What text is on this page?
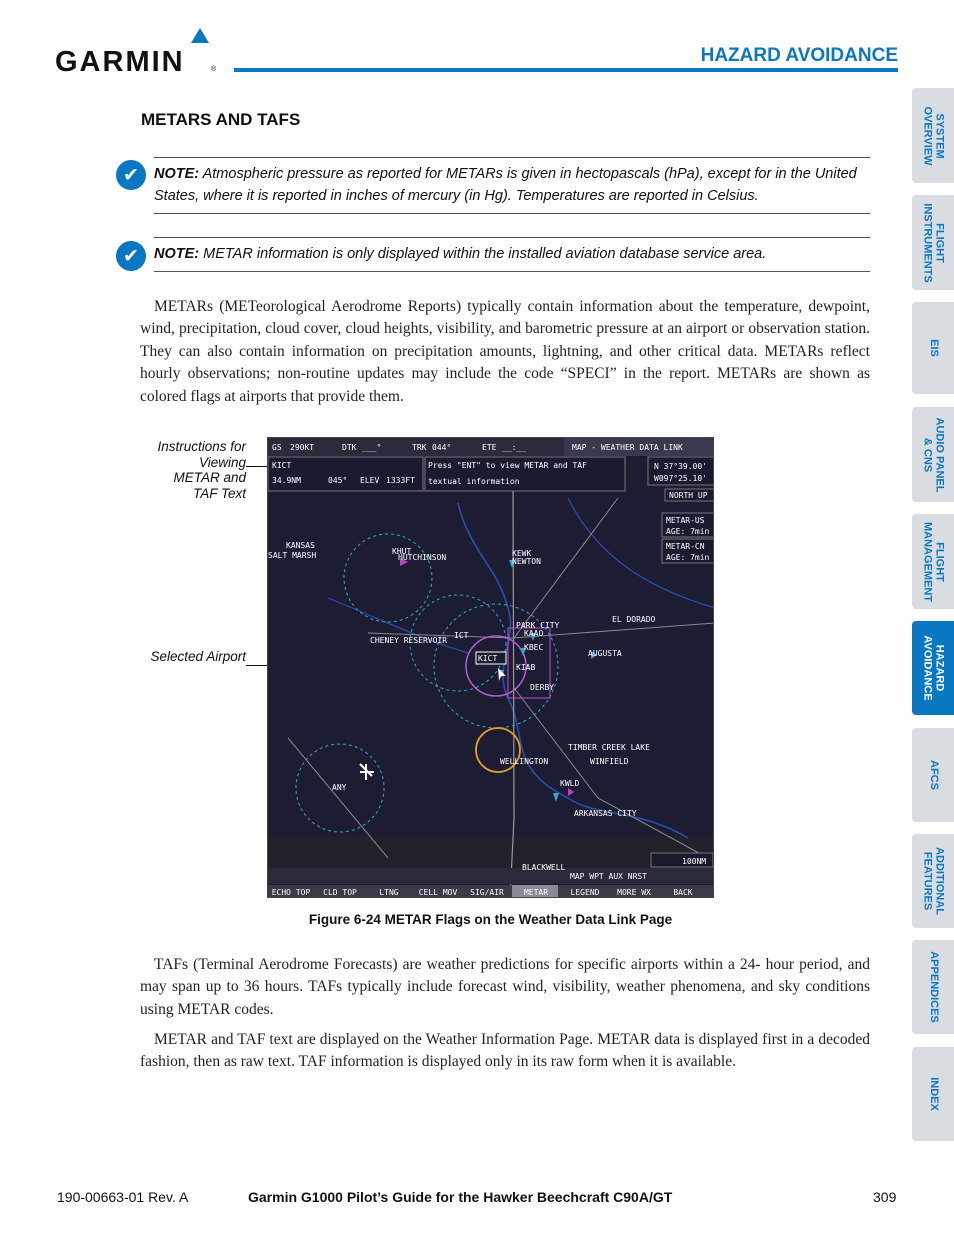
GARMIN	®
HAZARD AVOIDANCE
METARS AND TAFS
✔	NOTE: Atmospheric pressure as reported for METARs is given in hectopascals (hPa), except for in the United States, where it is reported in inches of mercury (in Hg). Temperatures are reported in Celsius.
✔	NOTE: METAR information is only displayed within the installed aviation database service area.
METARs (METeorological Aerodrome Reports) typically contain information about the temperature, dewpoint, wind, precipitation, cloud cover, cloud heights, visibility, and barometric pressure at an airport or observation station. They can also contain information on precipitation amounts, lightning, and other critical data. METARs reflect hourly observations; non-routine updates may include the code “SPECI” in the report. METARs are shown as colored flags at airports that provide them.
Instructions for Viewing METAR and TAF Text
Selected Airport
GS 290KT	DTK ___°	TRK 044°	ETE __:__	MAP - WEATHER DATA LINK
KICT
34.9NM	045° ELEV 1333FT
Press "ENT" to view METAR and TAF
textual information
N 37°39.00'
W097°25.10'
NORTH UP
METAR-US
AGE: 7min
METAR-CN
AGE: 7min
KANSAS
SALT MARSH	KHUT
HUTCHINSON	KEWK
NEWTON
PARK CITY
EL DORADO
CHENEY RESERVOIR
ICT	KAAO
KBEC
KIAB
DERBY
AUGUSTA
KICT
TIMBER CREEK LAKE
WELLINGTON	WINFIELD
KWLD
ANY
ARKANSAS CITY
BLACKWELL
100NM
MAP WPT AUX NRST
ECHO TOP CLD TOP	LTNG	CELL MOV SIG/AIR	METAR	LEGEND MORE WX	BACK
Figure 6-24 METAR Flags on the Weather Data Link Page
TAFs (Terminal Aerodrome Forecasts) are weather predictions for specific airports within a 24- hour period, and may span up to 36 hours. TAFs typically include forecast wind, visibility, weather phenomena, and sky conditions using METAR codes.
METAR and TAF text are displayed on the Weather Information Page. METAR data is displayed first in a decoded fashion, then as raw text. TAF information is displayed only in its raw form when it is available.
190-00663-01 Rev. A	Garmin G1000 Pilot’s Guide for the Hawker Beechcraft C90A/GT	309
SYSTEM
OVERVIEW
FLIGHT
INSTRUMENTS
EIS
AUDIO PANEL
& CNS
FLIGHT
MANAGEMENT
HAZARD
AVOIDANCE
AFCS
ADDITIONAL
FEATURES
APPENDICES
INDEX
